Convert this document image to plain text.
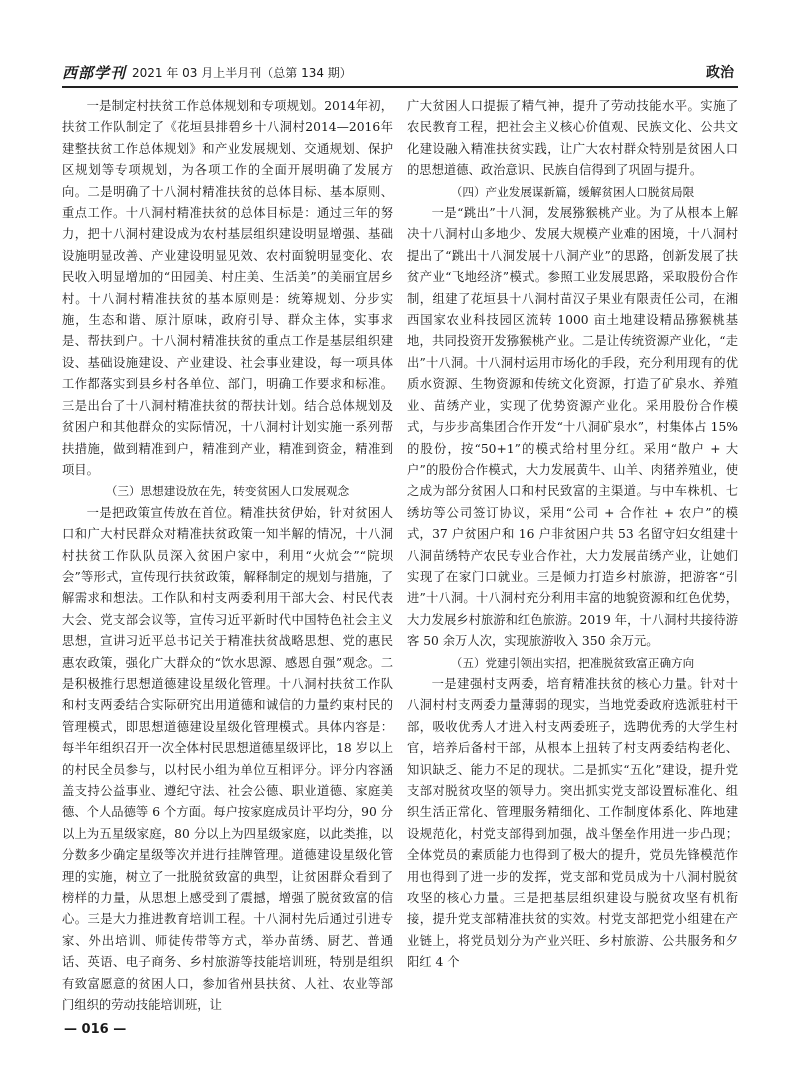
西部学刊 2021 年 03 月上半月刊（总第 134 期）	政治

一是制定村扶贫工作总体规划和专项规划。2014年初，扶贫工作队制定了《花垣县排碧乡十八洞村2014—2016年建整扶贫工作总体规划》和产业发展规划、交通规划、保护区规划等专项规划，为各项工作的全面开展明确了发展方向。二是明确了十八洞村精准扶贫的总体目标、基本原则、重点工作。十八洞村精准扶贫的总体目标是：通过三年的努力，把十八洞村建设成为农村基层组织建设明显增强、基础设施明显改善、产业建设明显见效、农村面貌明显变化、农民收入明显增加的“田园美、村庄美、生活美”的美丽宜居乡村。十八洞村精准扶贫的基本原则是：统筹规划、分步实施，生态和谐、原汁原味，政府引导、群众主体，实事求是、帮扶到户。十八洞村精准扶贫的重点工作是基层组织建设、基础设施建设、产业建设、社会事业建设，每一项具体工作都落实到县乡村各单位、部门，明确工作要求和标准。三是出台了十八洞村精准扶贫的帮扶计划。结合总体规划及贫困户和其他群众的实际情况，十八洞村计划实施一系列帮扶措施，做到精准到户，精准到产业，精准到资金，精准到项目。

（三）思想建设放在先，转变贫困人口发展观念

一是把政策宣传放在首位。精准扶贫伊始，针对贫困人口和广大村民群众对精准扶贫政策一知半解的情况，十八洞村扶贫工作队队员深入贫困户家中，利用“火炕会”“院坝会”等形式，宣传现行扶贫政策，解释制定的规划与措施，了解需求和想法。工作队和村支两委利用干部大会、村民代表大会、党支部会议等，宣传习近平新时代中国特色社会主义思想，宣讲习近平总书记关于精准扶贫战略思想、党的惠民惠农政策，强化广大群众的“饮水思源、感恩自强”观念。二是积极推行思想道德建设星级化管理。十八洞村扶贫工作队和村支两委结合实际研究出用道德和诚信的力量约束村民的管理模式，即思想道德建设星级化管理模式。具体内容是：每半年组织召开一次全体村民思想道德星级评比，18 岁以上的村民全员参与，以村民小组为单位互相评分。评分内容涵盖支持公益事业、遵纪守法、社会公德、职业道德、家庭美德、个人品德等 6 个方面。每户按家庭成员计平均分，90 分以上为五星级家庭，80 分以上为四星级家庭，以此类推，以分数多少确定星级等次并进行挂牌管理。道德建设星级化管理的实施，树立了一批脱贫致富的典型，让贫困群众看到了榜样的力量，从思想上感受到了震撼，增强了脱贫致富的信心。三是大力推进教育培训工程。十八洞村先后通过引进专家、外出培训、师徒传带等方式，举办苗绣、厨艺、普通话、英语、电子商务、乡村旅游等技能培训班，特别是组织有致富愿意的贫困人口，参加省州县扶贫、人社、农业等部门组织的劳动技能培训班，让

广大贫困人口提振了精气神，提升了劳动技能水平。实施了农民教育工程，把社会主义核心价值观、民族文化、公共文化建设融入精准扶贫实践，让广大农村群众特别是贫困人口的思想道德、政治意识、民族自信得到了巩固与提升。

（四）产业发展谋新篇，缓解贫困人口脱贫局限

一是“跳出”十八洞，发展猕猴桃产业。为了从根本上解决十八洞村山多地少、发展大规模产业难的困境，十八洞村提出了“跳出十八洞发展十八洞产业”的思路，创新发展了扶贫产业“飞地经济”模式。参照工业发展思路，采取股份合作制，组建了花垣县十八洞村苗汉子果业有限责任公司，在湘西国家农业科技园区流转 1000 亩土地建设精品猕猴桃基地，共同投资开发猕猴桃产业。二是让传统资源产业化，“走出”十八洞。十八洞村运用市场化的手段，充分利用现有的优质水资源、生物资源和传统文化资源，打造了矿泉水、养殖业、苗绣产业，实现了优势资源产业化。采用股份合作模式，与步步高集团合作开发“十八洞矿泉水”，村集体占 15% 的股份，按“50+1”的模式给村里分红。采用“散户 + 大户”的股份合作模式，大力发展黄牛、山羊、肉猪养殖业，使之成为部分贫困人口和村民致富的主渠道。与中车株机、七绣坊等公司签订协议，采用“公司 + 合作社 + 农户”的模式，37 户贫困户和 16 户非贫困户共 53 名留守妇女组建十八洞苗绣特产农民专业合作社，大力发展苗绣产业，让她们实现了在家门口就业。三是倾力打造乡村旅游，把游客“引进”十八洞。十八洞村充分利用丰富的地貌资源和红色优势，大力发展乡村旅游和红色旅游。2019 年，十八洞村共接待游客 50 余万人次，实现旅游收入 350 余万元。

（五）党建引领出实招，把准脱贫致富正确方向

一是建强村支两委，培育精准扶贫的核心力量。针对十八洞村村支两委力量薄弱的现实，当地党委政府选派驻村干部，吸收优秀人才进入村支两委班子，选聘优秀的大学生村官，培养后备村干部，从根本上扭转了村支两委结构老化、知识缺乏、能力不足的现状。二是抓实“五化”建设，提升党支部对脱贫攻坚的领导力。突出抓实党支部设置标准化、组织生活正常化、管理服务精细化、工作制度体系化、阵地建设规范化，村党支部得到加强，战斗堡垒作用进一步凸现；全体党员的素质能力也得到了极大的提升，党员先锋模范作用也得到了进一步的发挥，党支部和党员成为十八洞村脱贫攻坚的核心力量。三是把基层组织建设与脱贫攻坚有机衔接，提升党支部精准扶贫的实效。村党支部把党小组建在产业链上，将党员划分为产业兴旺、乡村旅游、公共服务和夕阳红 4 个

— 016 —
